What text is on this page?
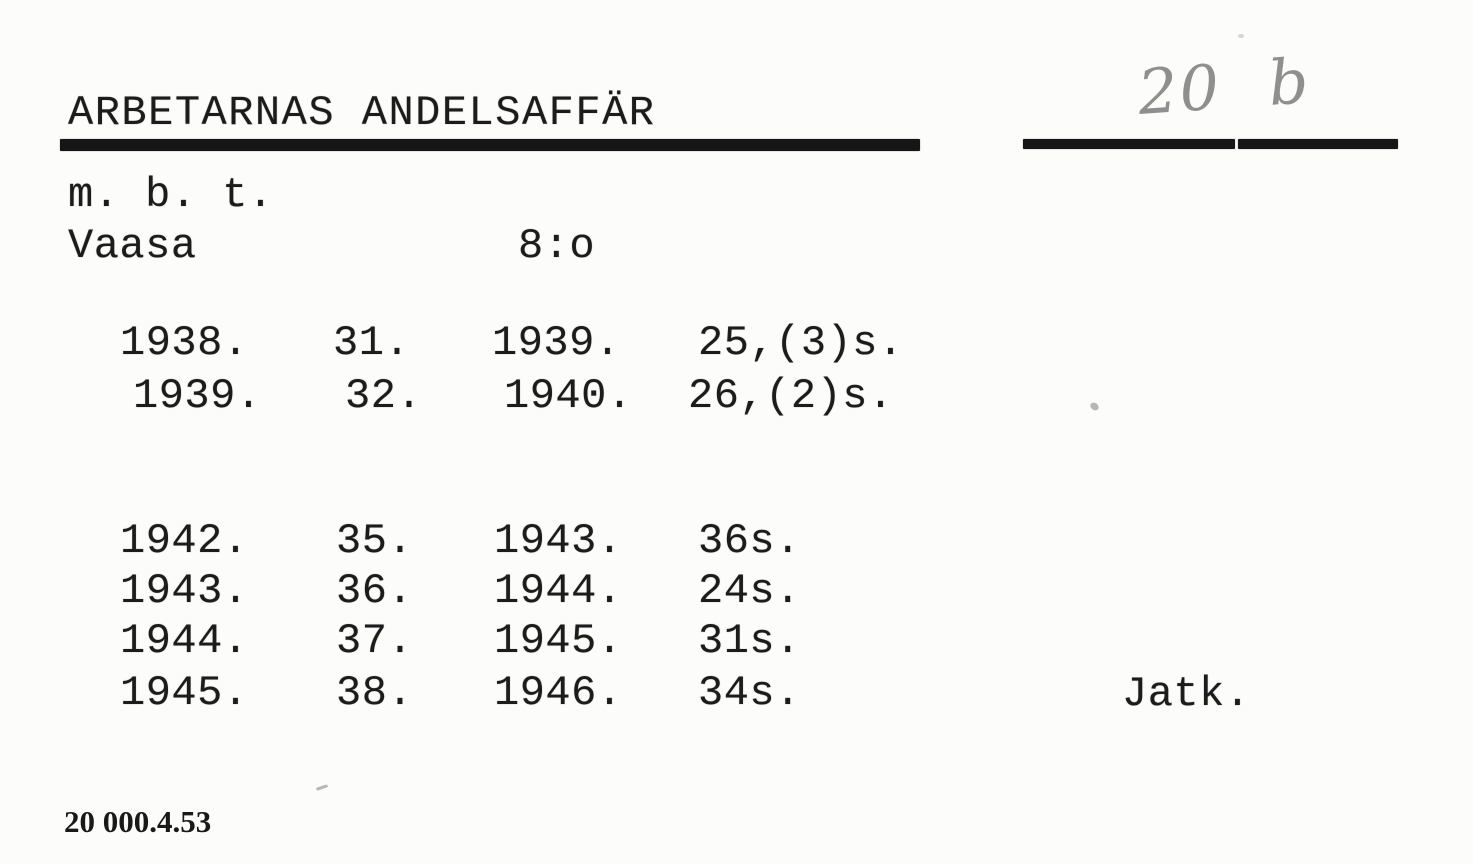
ARBETARNAS ANDELSAFFÄR	20 b
m. b. t.
Vaasa	8:o
1938. 31. 1939. 25,(3)s.
1939. 32. 1940. 26,(2)s.
1942. 35. 1943. 36s.
1943. 36. 1944. 24s.
1944. 37. 1945. 31s.
1945. 38. 1946. 34s.	Jatk.
20 000.4.53
